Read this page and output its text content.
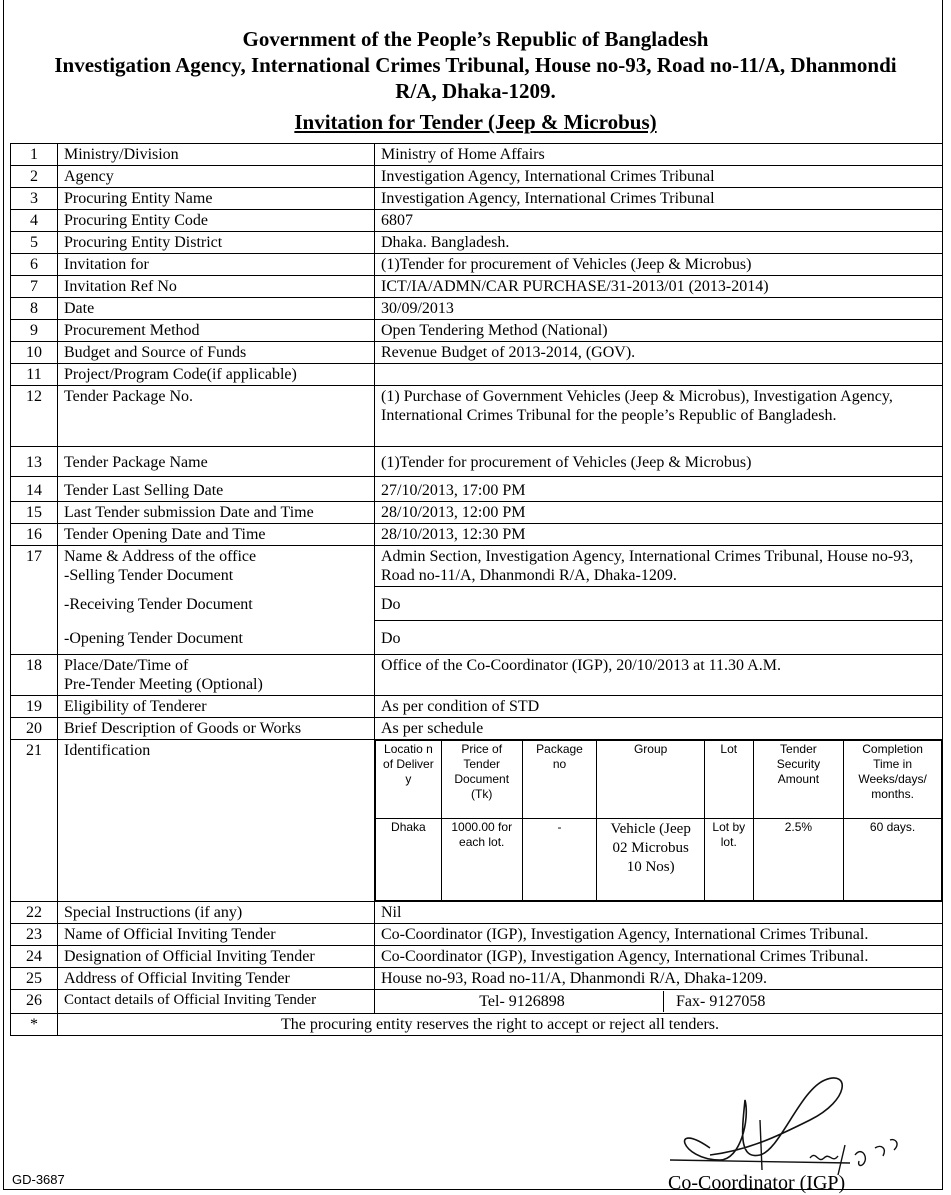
Government of the People’s Republic of Bangladesh
Investigation Agency, International Crimes Tribunal, House no-93, Road no-11/A, Dhanmondi
R/A, Dhaka-1209.
Invitation for Tender (Jeep & Microbus)
1	Ministry/Division	Ministry of Home Affairs
2	Agency	Investigation Agency, International Crimes Tribunal
3	Procuring Entity Name	Investigation Agency, International Crimes Tribunal
4	Procuring Entity Code	6807
5	Procuring Entity District	Dhaka. Bangladesh.
6	Invitation for	(1)Tender for procurement of Vehicles (Jeep & Microbus)
7	Invitation Ref No	ICT/IA/ADMN/CAR PURCHASE/31-2013/01 (2013-2014)
8	Date	30/09/2013
9	Procurement Method	Open Tendering Method (National)
10	Budget and Source of Funds	Revenue Budget of 2013-2014, (GOV).
11	Project/Program Code(if applicable)	
12	Tender Package No.	(1) Purchase of Government Vehicles (Jeep & Microbus), Investigation Agency, International Crimes Tribunal for the people’s Republic of Bangladesh.
13	Tender Package Name	(1)Tender for procurement of Vehicles (Jeep & Microbus)
14	Tender Last Selling Date	27/10/2013, 17:00 PM
15	Last Tender submission Date and Time	28/10/2013, 12:00 PM
16	Tender Opening Date and Time	28/10/2013, 12:30 PM
17	Name & Address of the office
-Selling Tender Document
	Admin Section, Investigation Agency, International Crimes Tribunal, House no-93, Road no-11/A, Dhanmondi R/A, Dhaka-1209.
	-Receiving Tender Document	Do
	-Opening Tender Document	Do
18	Place/Date/Time of
Pre-Tender Meeting (Optional)
	Office of the Co-Coordinator (IGP), 20/10/2013 at 11.30 A.M.
19	Eligibility of Tenderer	As per condition of STD
20	Brief Description of Goods or Works	As per schedule
21	Identification		Locatio n of Deliver y	Price of Tender Document (Tk)	Package no	Group	Lot	Tender Security Amount	Completion Time in Weeks/days/ months.
Dhaka	1000.00 for each lot.	-	Vehicle (Jeep 02 Microbus 10 Nos)	Lot by lot.	2.5%	60 days.

22	Special Instructions (if any)	Nil
23	Name of Official Inviting Tender	Co-Coordinator (IGP), Investigation Agency, International Crimes Tribunal.
24	Designation of Official Inviting Tender	Co-Coordinator (IGP), Investigation Agency, International Crimes Tribunal.
25	Address of Official Inviting Tender	House no-93, Road no-11/A, Dhanmondi R/A, Dhaka-1209.
26	Contact details of Official Inviting Tender	Tel- 9126898	Fax- 9127058

*	The procuring entity reserves the right to accept or reject all tenders.
GD-3687	Co-Coordinator (IGP)
